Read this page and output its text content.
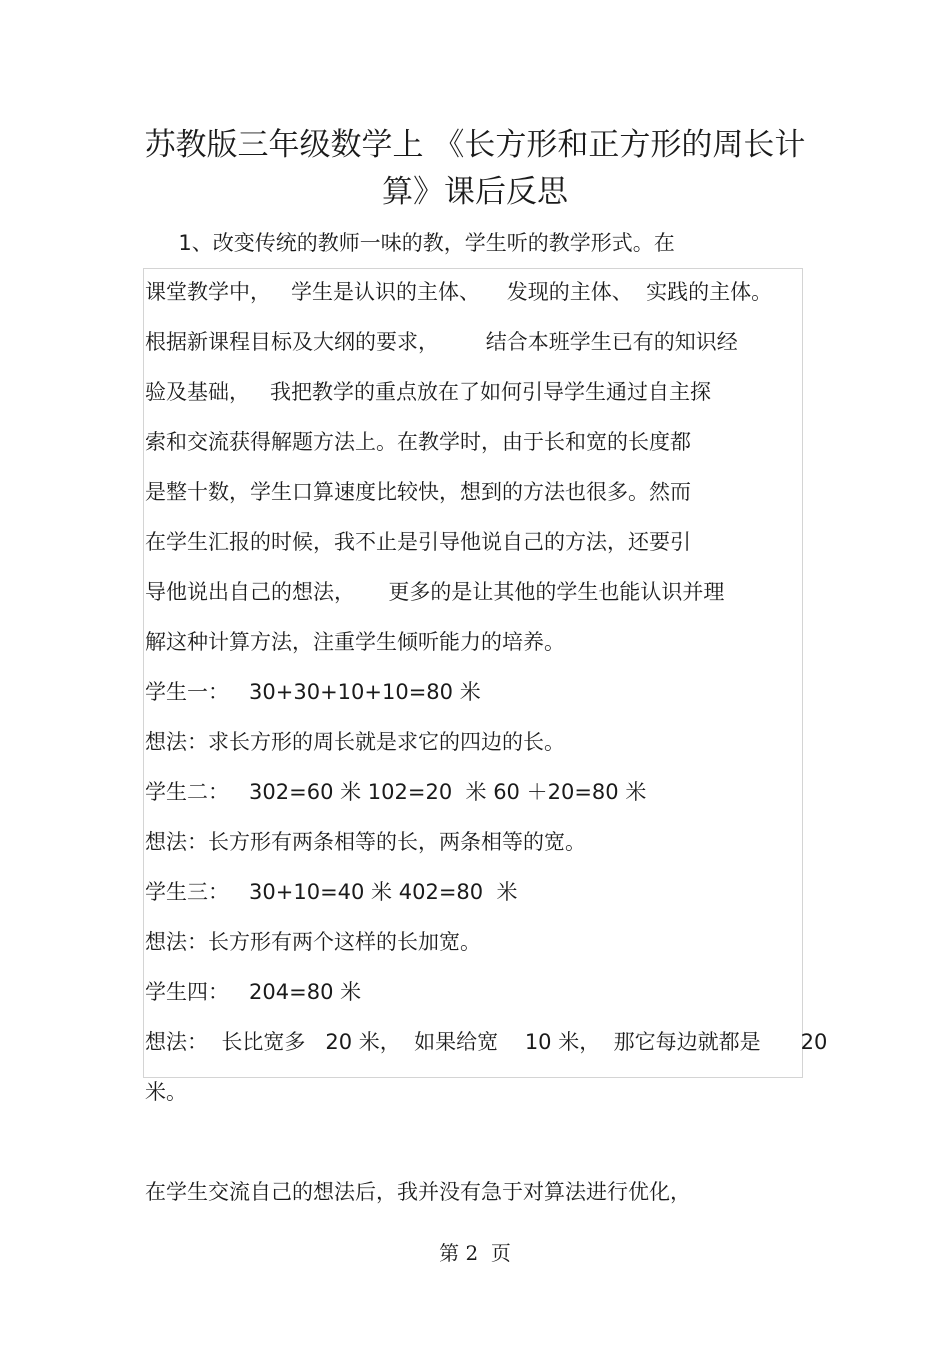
苏教版三年级数学上 《长方形和正方形的周长计
算》课后反思

1、改变传统的教师一味的教，学生听的教学形式。在

课堂教学中，   学生是认识的主体、    发现的主体、  实践的主体。

根据新课程目标及大纲的要求，       结合本班学生已有的知识经

验及基础，   我把教学的重点放在了如何引导学生通过自主探

索和交流获得解题方法上。在教学时，由于长和宽的长度都

是整十数，学生口算速度比较快，想到的方法也很多。然而

在学生汇报的时候，我不止是引导他说自己的方法，还要引

导他说出自己的想法，     更多的是让其他的学生也能认识并理

解这种计算方法，注重学生倾听能力的培养。

学生一：   30+30+10+10=80 米

想法：求长方形的周长就是求它的四边的长。

学生二：   302=60 米 102=20  米 60 ＋20=80 米

想法：长方形有两条相等的长，两条相等的宽。

学生三：   30+10=40 米 402=80  米

想法：长方形有两个这样的长加宽。

学生四：   204=80 米

想法：  长比宽多   20 米，  如果给宽    10 米，  那它每边就都是      20

米。

在学生交流自己的想法后，我并没有急于对算法进行优化，

第 2  页
